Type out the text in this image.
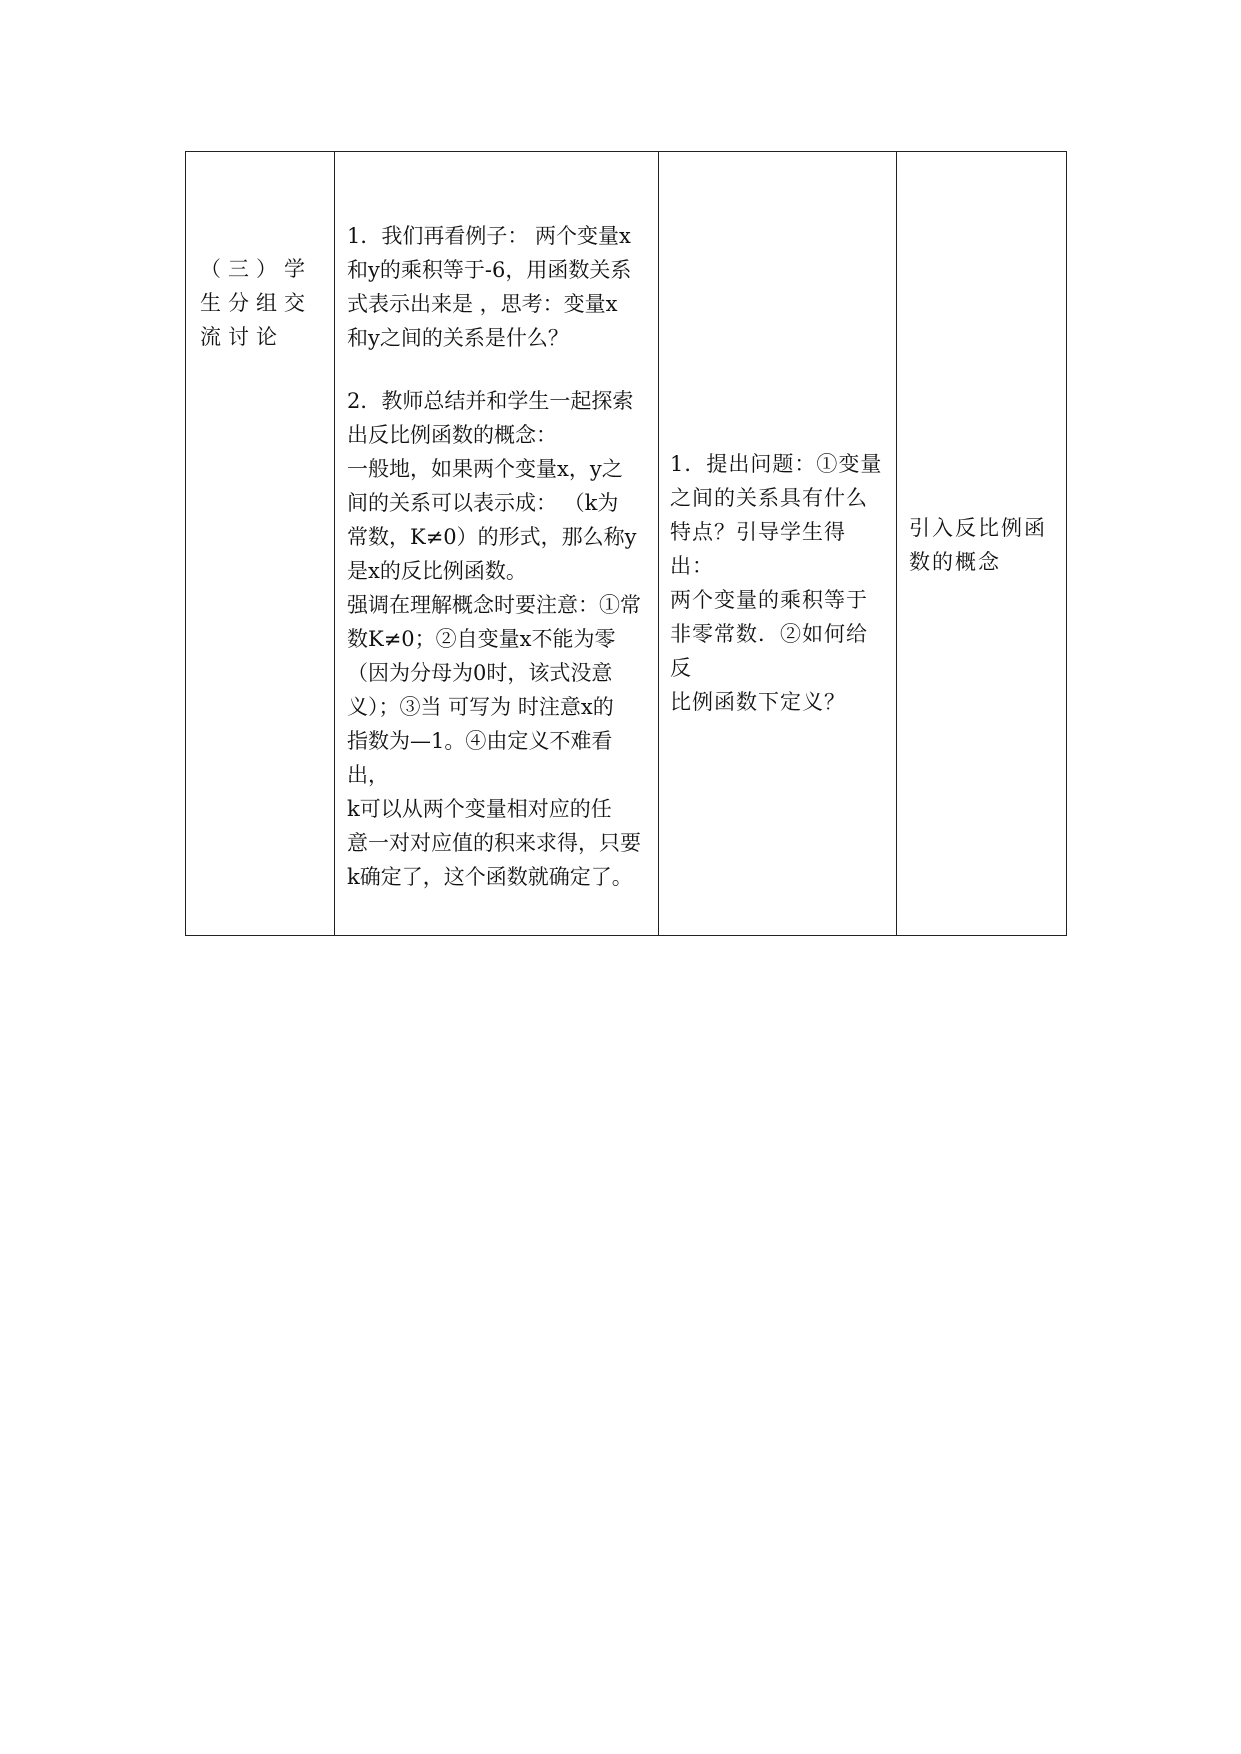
（三）学生分组交流讨论

1．我们再看例子： 两个变量x
和y的乘积等于-6，用函数关系
式表示出来是 ，思考：变量x
和y之间的关系是什么？
2．教师总结并和学生一起探索
出反比例函数的概念：
一般地，如果两个变量x，y之
间的关系可以表示成： （k为
常数，K≠0）的形式，那么称y
是x的反比例函数。
强调在理解概念时要注意：①常
数K≠0；②自变量x不能为零
（因为分母为0时，该式没意
义）；③当 可写为 时注意x的
指数为—1。④由定义不难看出，
k可以从两个变量相对应的任
意一对对应值的积来求得，只要
k确定了，这个函数就确定了。

1．提出问题：①变量
之间的关系具有什么
特点？引导学生得出：
两个变量的乘积等于
非零常数．②如何给反
比例函数下定义？

引入反比例函
数的概念
